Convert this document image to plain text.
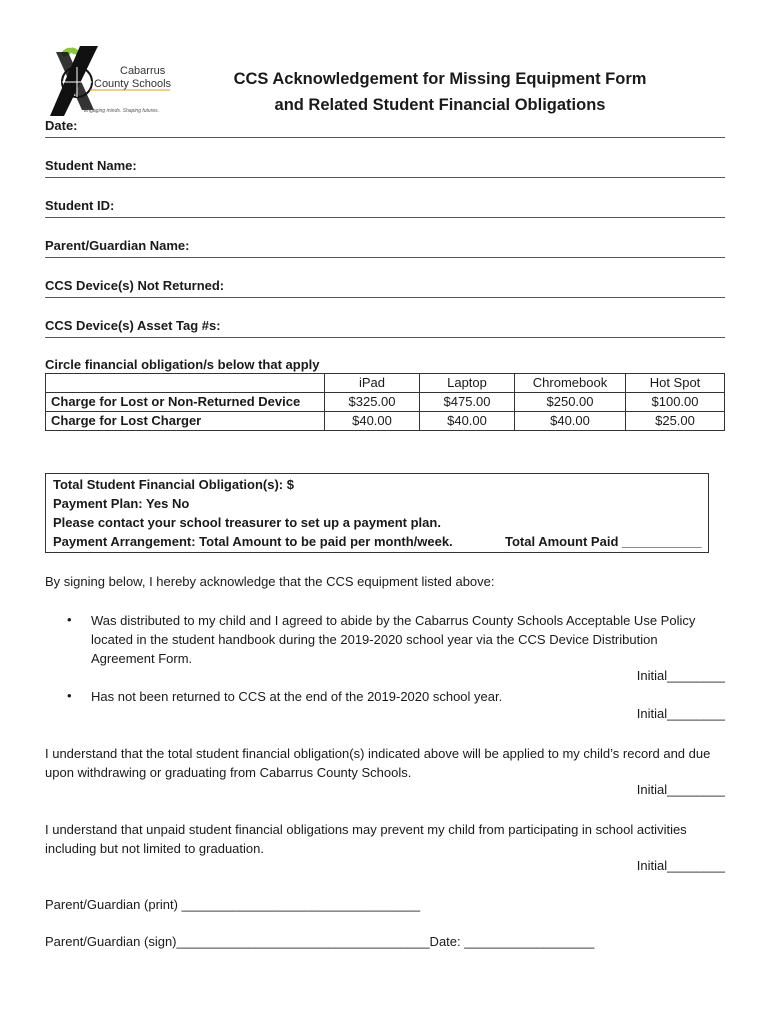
Cabarrus
County Schools
Engaging minds. Shaping futures.
CCS Acknowledgement for Missing Equipment Form
and Related Student Financial Obligations
Date:
Student Name:
Student ID:
Parent/Guardian Name:
CCS Device(s) Not Returned:
CCS Device(s) Asset Tag #s:
Circle financial obligation/s below that apply
	iPad	Laptop	Chromebook	Hot Spot
Charge for Lost or Non-Returned Device	$325.00	$475.00	$250.00	$100.00
Charge for Lost Charger	$40.00	$40.00	$40.00	$25.00
Total Student Financial Obligation(s): $
Payment Plan: Yes No
Please contact your school treasurer to set up a payment plan.
Payment Arrangement: Total Amount to be paid per month/week.	Total Amount Paid ___________
By signing below, I hereby acknowledge that the CCS equipment listed above:
• Was distributed to my child and I agreed to abide by the Cabarrus County Schools Acceptable Use Policy located in the student handbook during the 2019-2020 school year via the CCS Device Distribution Agreement Form.
Initial________
• Has not been returned to CCS at the end of the 2019-2020 school year.
Initial________
I understand that the total student financial obligation(s) indicated above will be applied to my child’s record and due upon withdrawing or graduating from Cabarrus County Schools.
Initial________
I understand that unpaid student financial obligations may prevent my child from participating in school activities including but not limited to graduation.
Initial________
Parent/Guardian (print) _________________________________
Parent/Guardian (sign)___________________________________Date: __________________
